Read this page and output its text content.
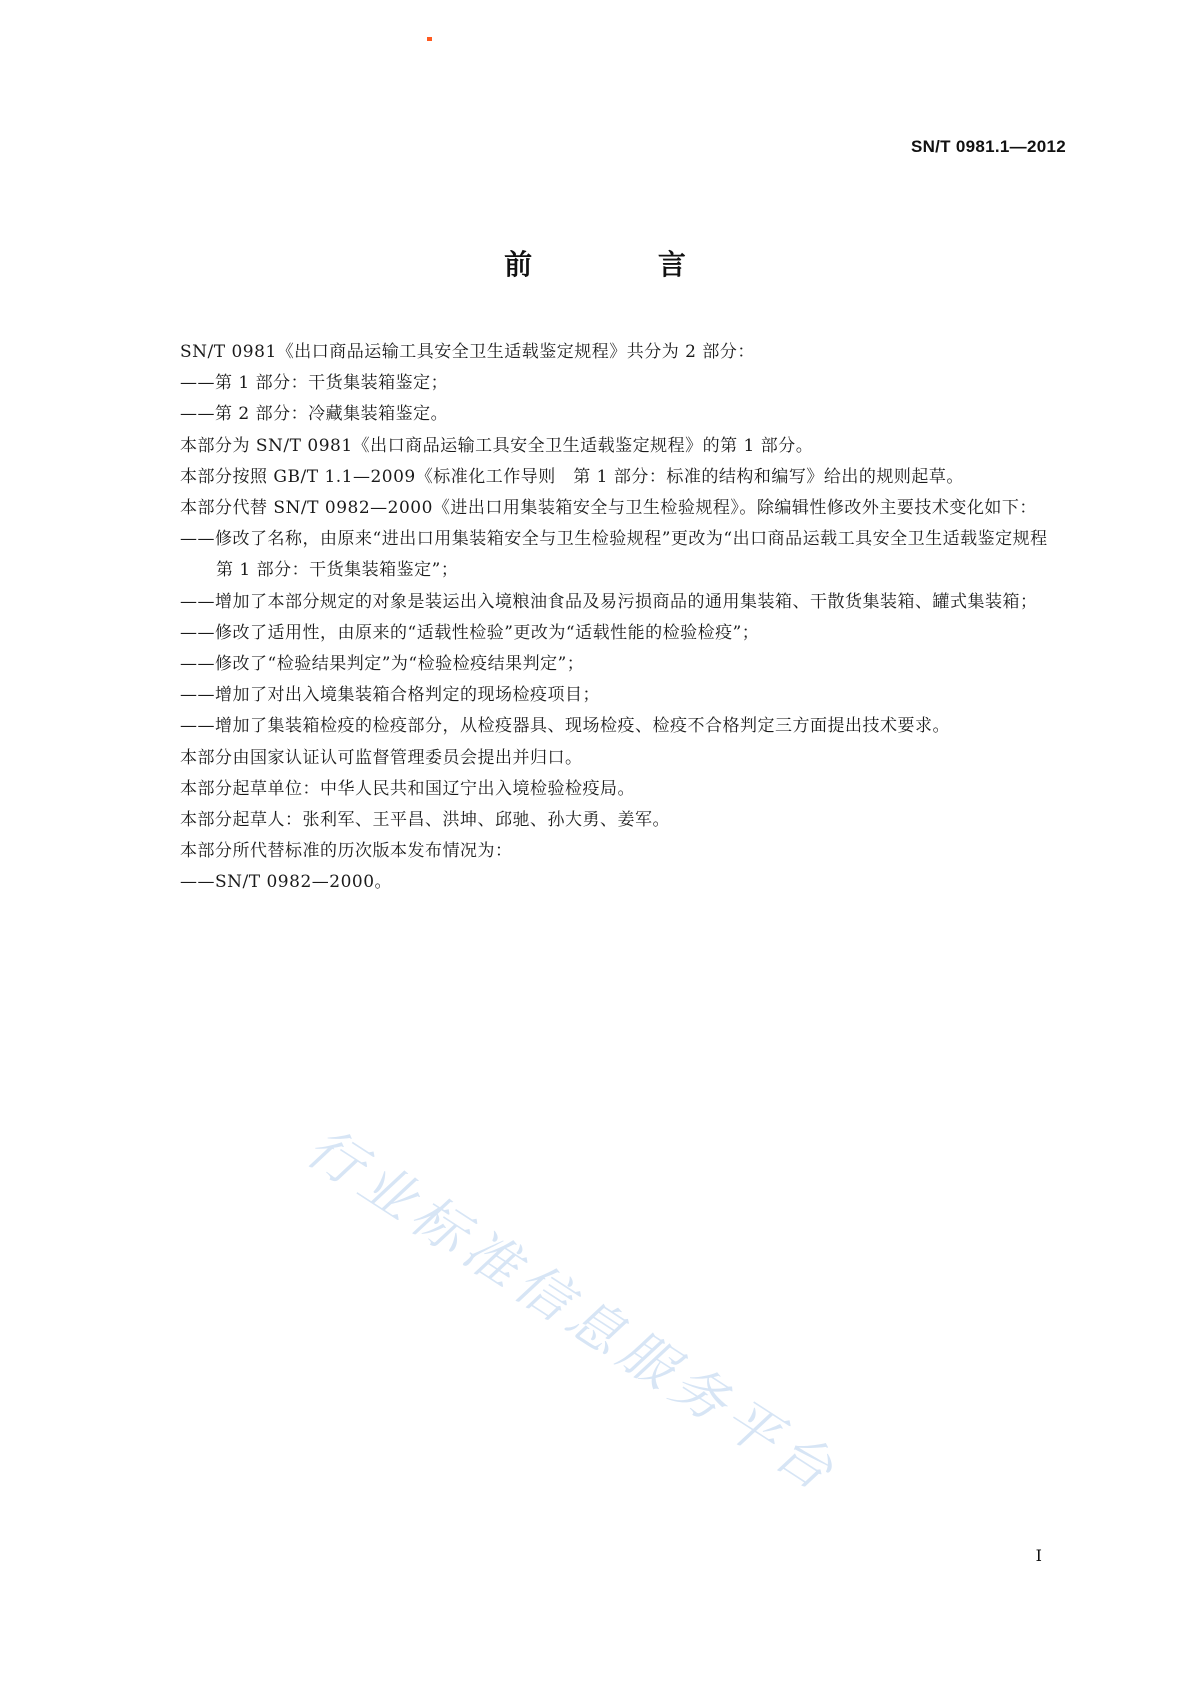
SN/T 0981.1—2012
前 言

SN/T 0981《出口商品运输工具安全卫生适载鉴定规程》共分为 2 部分：

——第 1 部分：干货集装箱鉴定；

——第 2 部分：冷藏集装箱鉴定。

本部分为 SN/T 0981《出口商品运输工具安全卫生适载鉴定规程》的第 1 部分。

本部分按照 GB/T 1.1—2009《标准化工作导则　第 1 部分：标准的结构和编写》给出的规则起草。

本部分代替 SN/T 0982—2000《进出口用集装箱安全与卫生检验规程》。除编辑性修改外主要技术变化如下：

——修改了名称，由原来“进出口用集装箱安全与卫生检验规程”更改为“出口商品运载工具安全卫生适载鉴定规程　第 1 部分：干货集装箱鉴定”；

——增加了本部分规定的对象是装运出入境粮油食品及易污损商品的通用集装箱、干散货集装箱、罐式集装箱；

——修改了适用性，由原来的“适载性检验”更改为“适载性能的检验检疫”；

——修改了“检验结果判定”为“检验检疫结果判定”；

——增加了对出入境集装箱合格判定的现场检疫项目；

——增加了集装箱检疫的检疫部分，从检疫器具、现场检疫、检疫不合格判定三方面提出技术要求。

本部分由国家认证认可监督管理委员会提出并归口。

本部分起草单位：中华人民共和国辽宁出入境检验检疫局。

本部分起草人：张利军、王平昌、洪坤、邱驰、孙大勇、姜军。

本部分所代替标准的历次版本发布情况为：

——SN/T 0982—2000。

行业标准信息服务平台
I
